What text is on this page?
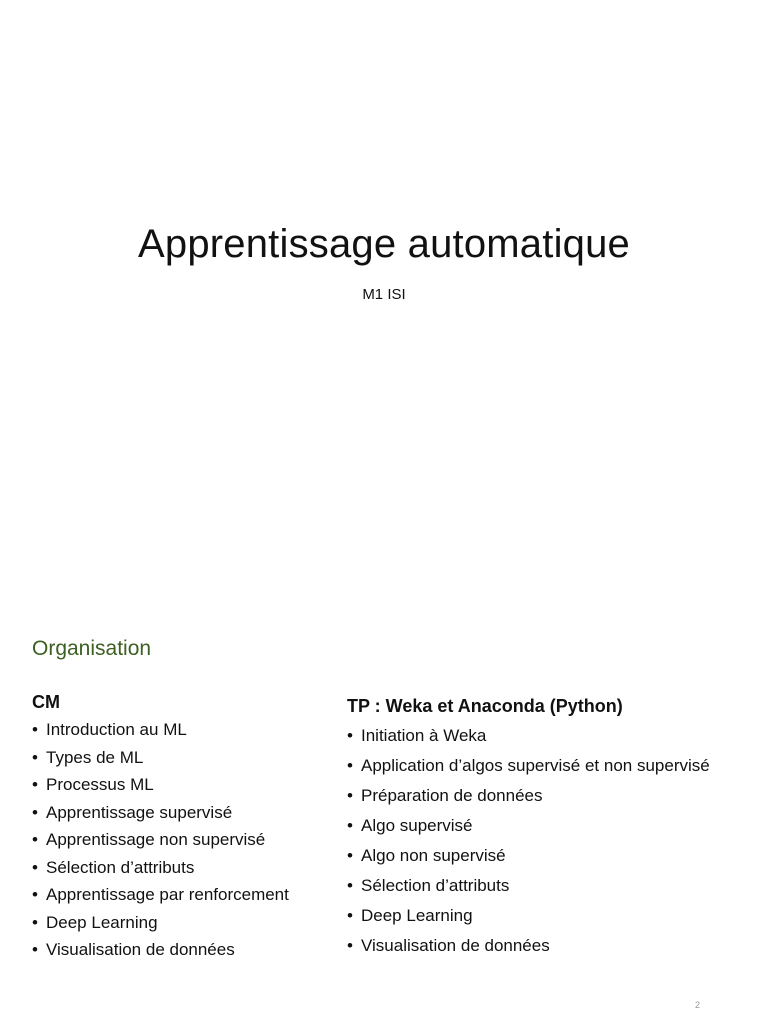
Apprentissage automatique
M1 ISI
Organisation
CM
• Introduction au ML
• Types de ML
• Processus ML
• Apprentissage supervisé
• Apprentissage non supervisé
• Sélection d’attributs
• Apprentissage par renforcement
• Deep Learning
• Visualisation de données
TP : Weka et Anaconda (Python)
• Initiation à Weka
• Application d’algos supervisé et non supervisé
• Préparation de données
• Algo supervisé
• Algo non supervisé
• Sélection d’attributs
• Deep Learning
• Visualisation de données
2
